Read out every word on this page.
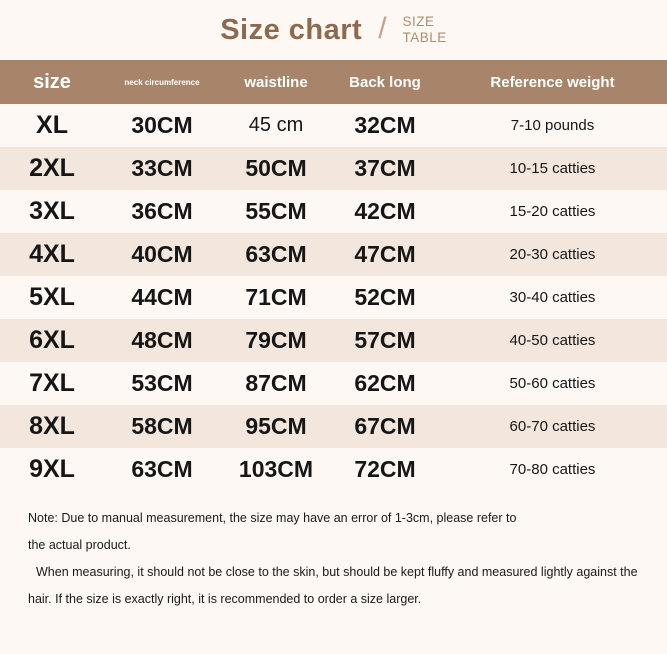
Size chart / SIZE
TABLE
size	neck circumference	waistline	Back long	Reference weight
XL	30CM	45 cm	32CM	7-10 pounds
2XL	33CM	50CM	37CM	10-15 catties
3XL	36CM	55CM	42CM	15-20 catties
4XL	40CM	63CM	47CM	20-30 catties
5XL	44CM	71CM	52CM	30-40 catties
6XL	48CM	79CM	57CM	40-50 catties
7XL	53CM	87CM	62CM	50-60 catties
8XL	58CM	95CM	67CM	60-70 catties
9XL	63CM	103CM	72CM	70-80 catties

Note: Due to manual measurement, the size may have an error of 1-3cm, please refer to

the actual product.

When measuring, it should not be close to the skin, but should be kept fluffy and measured lightly against the

hair. If the size is exactly right, it is recommended to order a size larger.
